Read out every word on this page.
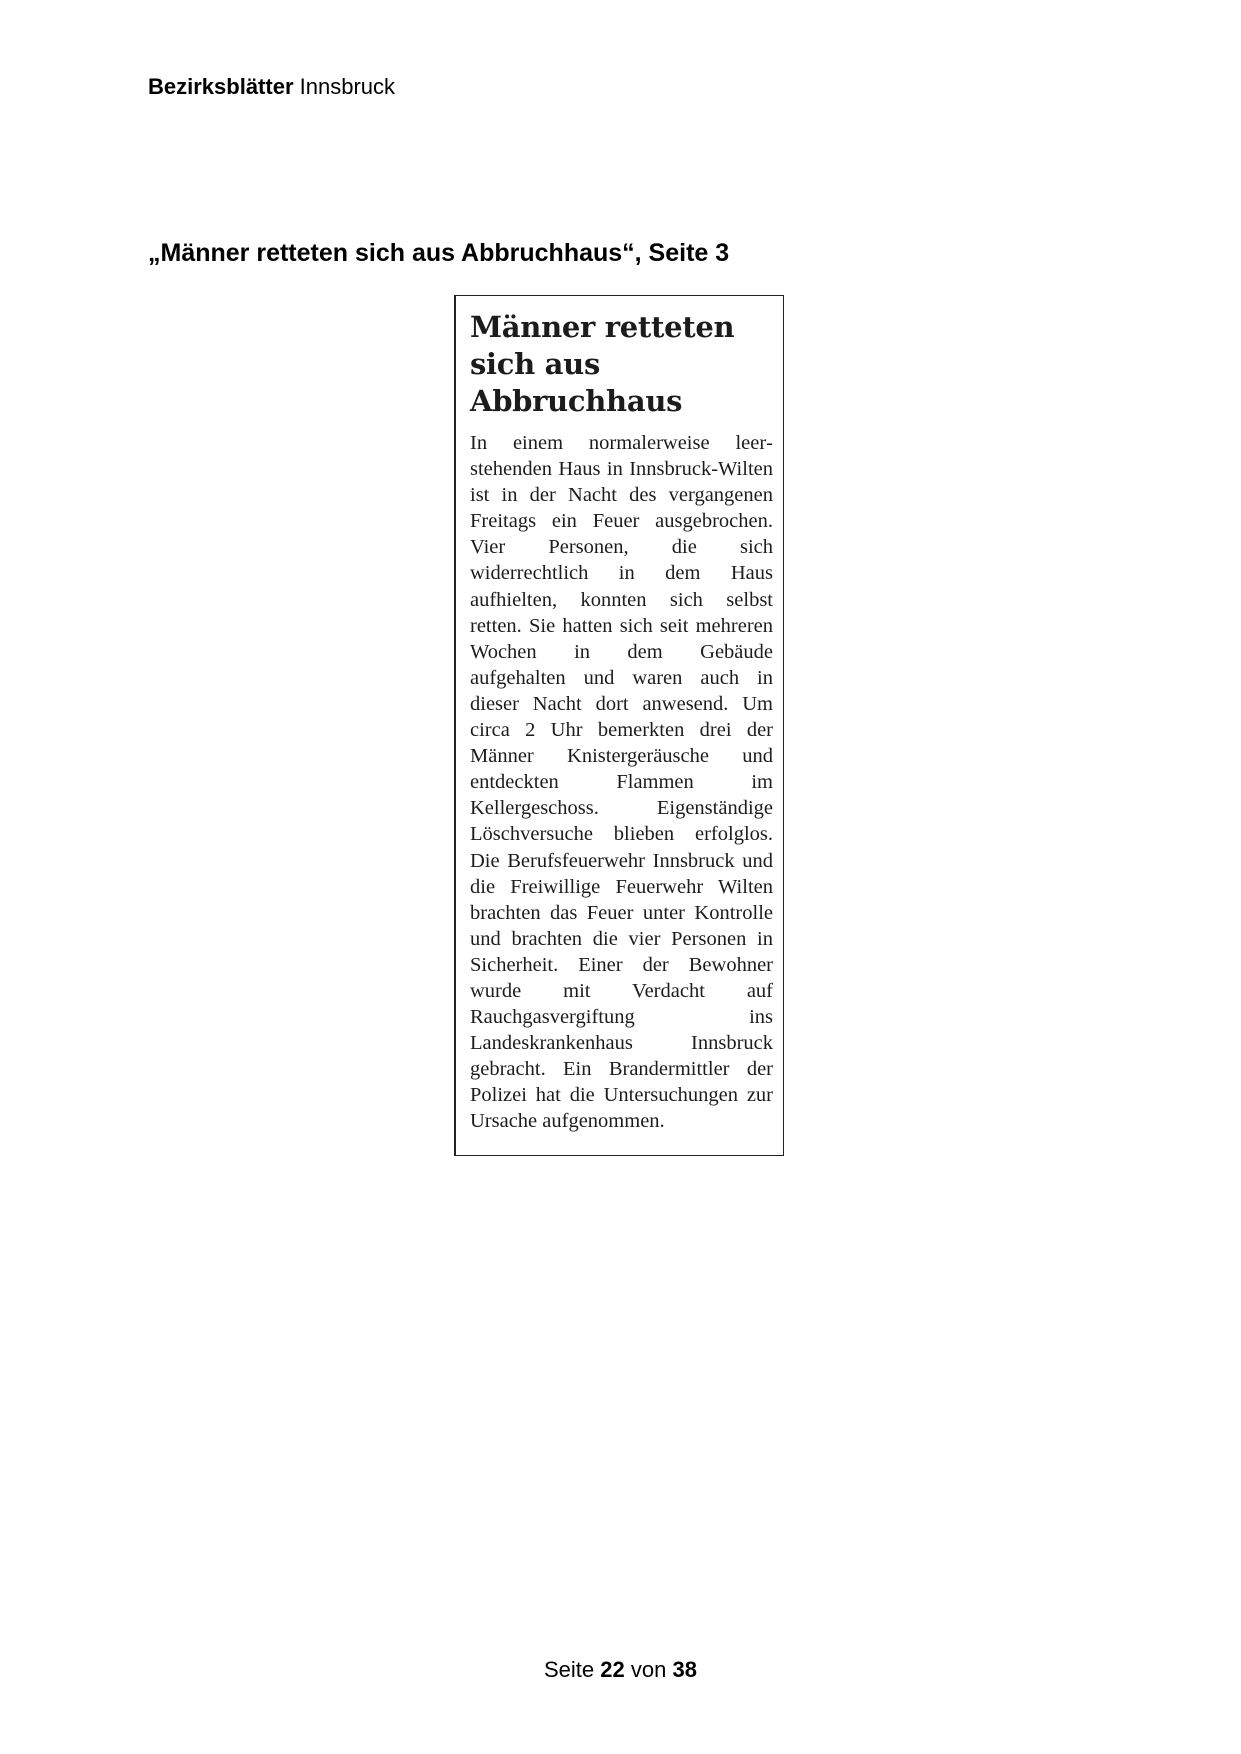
Bezirksblätter Innsbruck
„Männer retteten sich aus Abbruchhaus“, Seite 3
Männer retteten sich aus Abbruchhaus

In einem normalerweise leerstehenden Haus in Innsbruck-Wilten ist in der Nacht des vergangenen Freitags ein Feuer ausgebrochen. Vier Personen, die sich widerrechtlich in dem Haus aufhielten, konnten sich selbst retten. Sie hatten sich seit mehreren Wochen in dem Gebäude aufgehalten und waren auch in dieser Nacht dort anwesend. Um circa 2 Uhr bemerkten drei der Männer Knistergeräusche und entdeckten Flammen im Kellergeschoss. Eigenständige Löschversuche blieben erfolglos. Die Berufsfeuerwehr Innsbruck und die Freiwillige Feuerwehr Wilten brachten das Feuer unter Kontrolle und brachten die vier Personen in Sicherheit. Einer der Bewohner wurde mit Verdacht auf Rauchgasvergiftung ins Landeskrankenhaus Innsbruck gebracht. Ein Brandermittler der Polizei hat die Untersuchungen zur Ursache aufgenommen.

Seite 22 von 38
